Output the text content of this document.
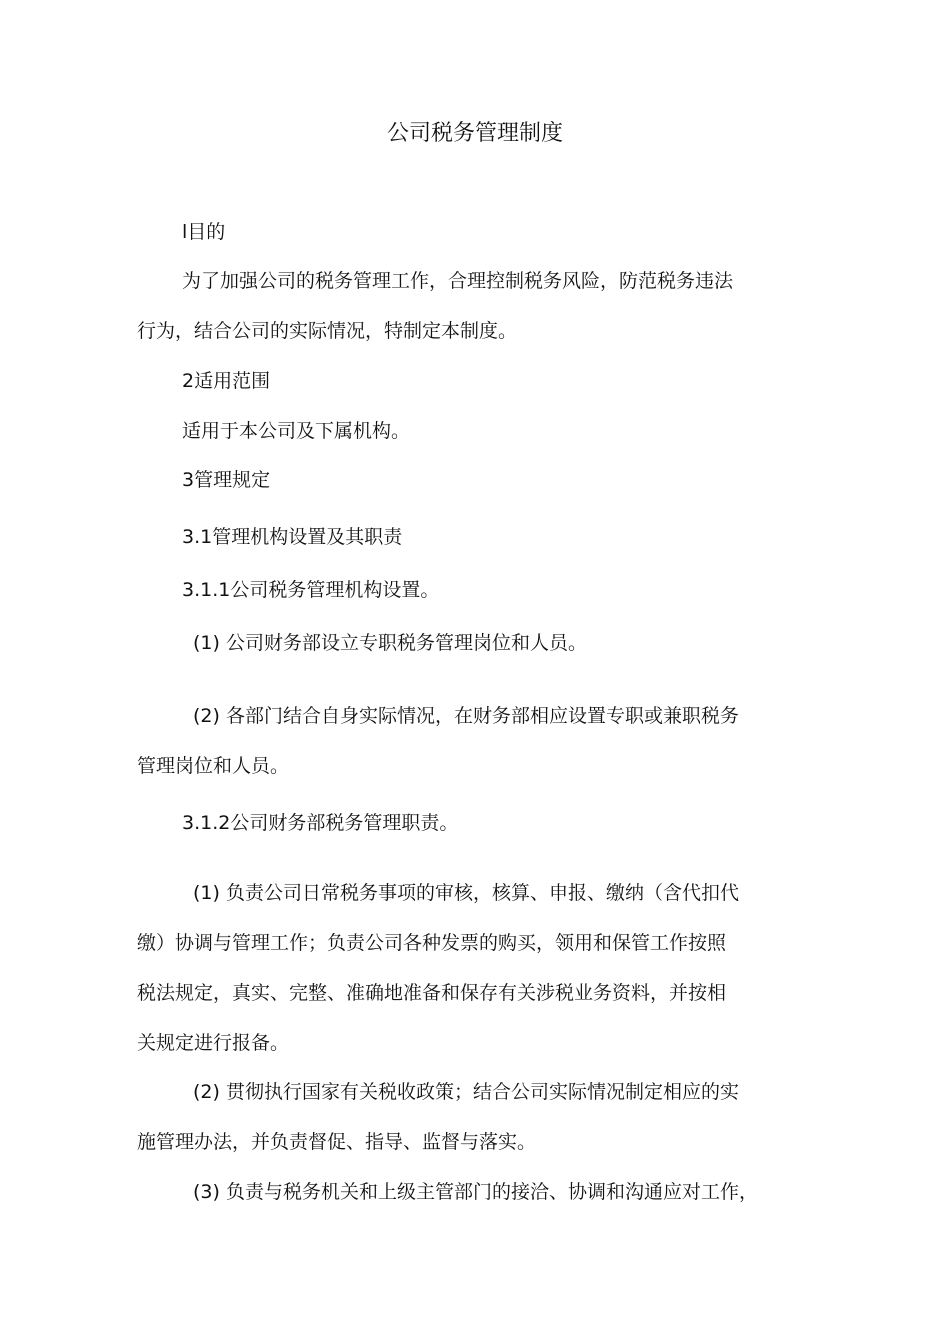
公司税务管理制度

l目的

为了加强公司的税务管理工作，合理控制税务风险，防范税务违法

行为，结合公司的实际情况，特制定本制度。

2适用范围

适用于本公司及下属机构。

3管理规定

3.1管理机构设置及其职责

3.1.1公司税务管理机构设置。

(1) 公司财务部设立专职税务管理岗位和人员。

(2) 各部门结合自身实际情况，在财务部相应设置专职或兼职税务

管理岗位和人员。

3.1.2公司财务部税务管理职责。

(1) 负责公司日常税务事项的审核，核算、申报、缴纳（含代扣代

缴）协调与管理工作；负责公司各种发票的购买，领用和保管工作按照

税法规定，真实、完整、准确地准备和保存有关涉税业务资料，并按相

关规定进行报备。

(2) 贯彻执行国家有关税收政策；结合公司实际情况制定相应的实

施管理办法，并负责督促、指导、监督与落实。

(3) 负责与税务机关和上级主管部门的接洽、协调和沟通应对工作，
